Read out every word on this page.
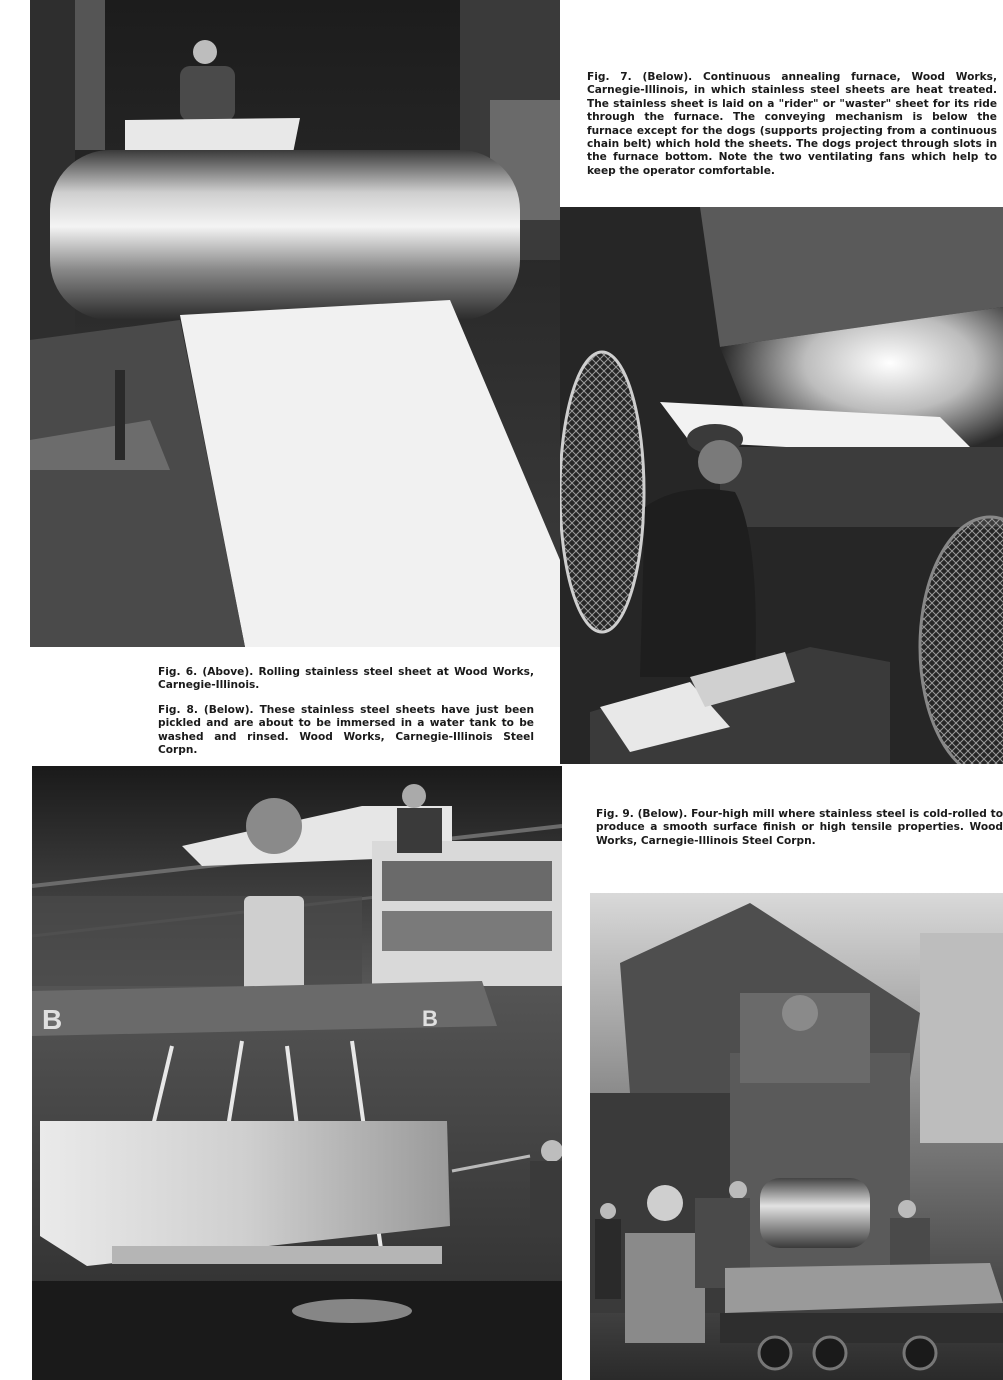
Fig. 7. (Below). Continuous annealing furnace, Wood Works, Carnegie-Illinois, in which stainless steel sheets are heat treated. The stainless sheet is laid on a "rider" or "waster" sheet for its ride through the furnace. The conveying mechanism is below the furnace except for the dogs (supports projecting from a continuous chain belt) which hold the sheets. The dogs project through slots in the furnace bottom. Note the two ventilating fans which help to keep the operator comfortable.

Fig. 6. (Above). Rolling stainless steel sheet at Wood Works, Carnegie-Illinois.

Fig. 8. (Below). These stainless steel sheets have just been pickled and are about to be immersed in a water tank to be washed and rinsed. Wood Works, Carnegie-Illinois Steel Corpn.

B	B

Fig. 9. (Below). Four-high mill where stainless steel is cold-rolled to produce a smooth surface finish or high tensile properties. Wood Works, Carnegie-Illinois Steel Corpn.
